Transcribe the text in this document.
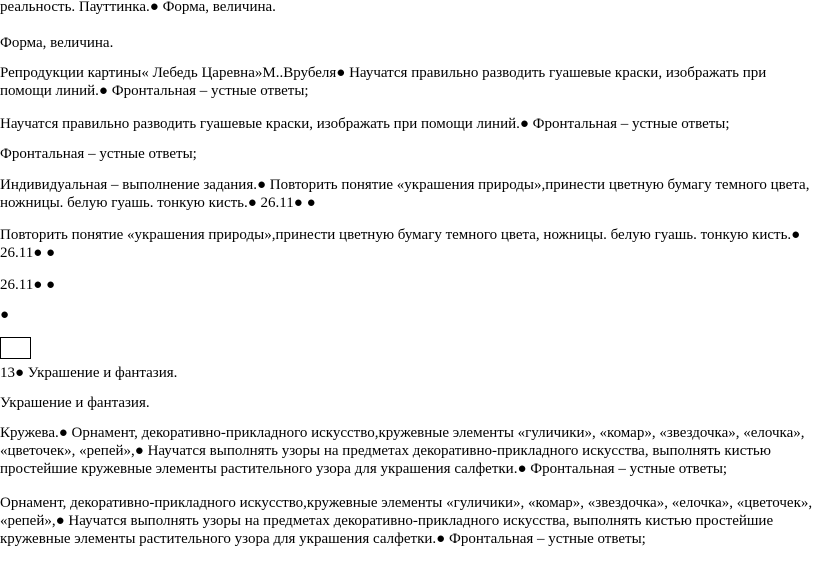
реальность. Пауттинка.● Форма, величина.

Форма, величина.

Репродукции картины« Лебедь Царевна»М..Врубеля● Научатся правильно разводить гуашевые краски, изображать при помощи линий.● Фронтальная – устные ответы;

Научатся правильно разводить гуашевые краски, изображать при помощи линий.● Фронтальная – устные ответы;

Фронтальная – устные ответы;

Индивидуальная – выполнение задания.● Повторить понятие «украшения природы»,принести цветную бумагу темного цвета, ножницы. белую гуашь. тонкую кисть.● 26.11● ●

Повторить понятие «украшения природы»,принести цветную бумагу темного цвета, ножницы. белую гуашь. тонкую кисть.● 26.11● ●

26.11● ●

●

13● Украшение и фантазия.

Украшение и фантазия.

Кружева.● Орнамент, декоративно-прикладного искусство,кружевные элементы «гуличики», «комар», «звездочка», «елочка», «цветочек», «репей»,● Научатся выполнять узоры на предметах декоративно-прикладного искусства, выполнять кистью простейшие кружевные элементы растительного узора для украшения салфетки.● Фронтальная – устные ответы;

Орнамент, декоративно-прикладного искусство,кружевные элементы «гуличики», «комар», «звездочка», «елочка», «цветочек», «репей»,● Научатся выполнять узоры на предметах декоративно-прикладного искусства, выполнять кистью простейшие кружевные элементы растительного узора для украшения салфетки.● Фронтальная – устные ответы;
